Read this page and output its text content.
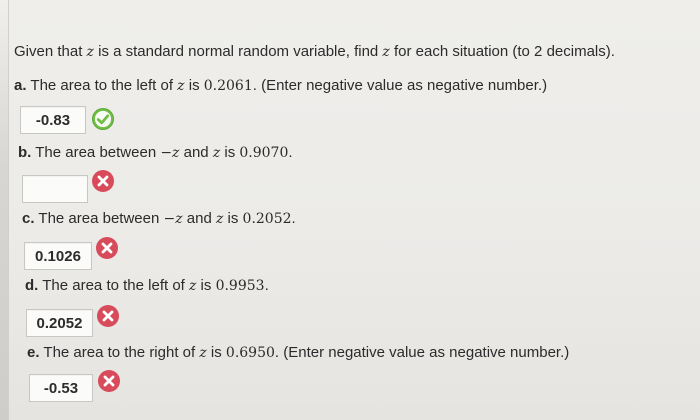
Given that z is a standard normal random variable, find z for each situation (to 2 decimals).
a. The area to the left of z is 0.2061. (Enter negative value as negative number.)
-0.83
b. The area between −z and z is 0.9070.
c. The area between −z and z is 0.2052.
0.1026
d. The area to the left of z is 0.9953.
0.2052
e. The area to the right of z is 0.6950. (Enter negative value as negative number.)
-0.53
